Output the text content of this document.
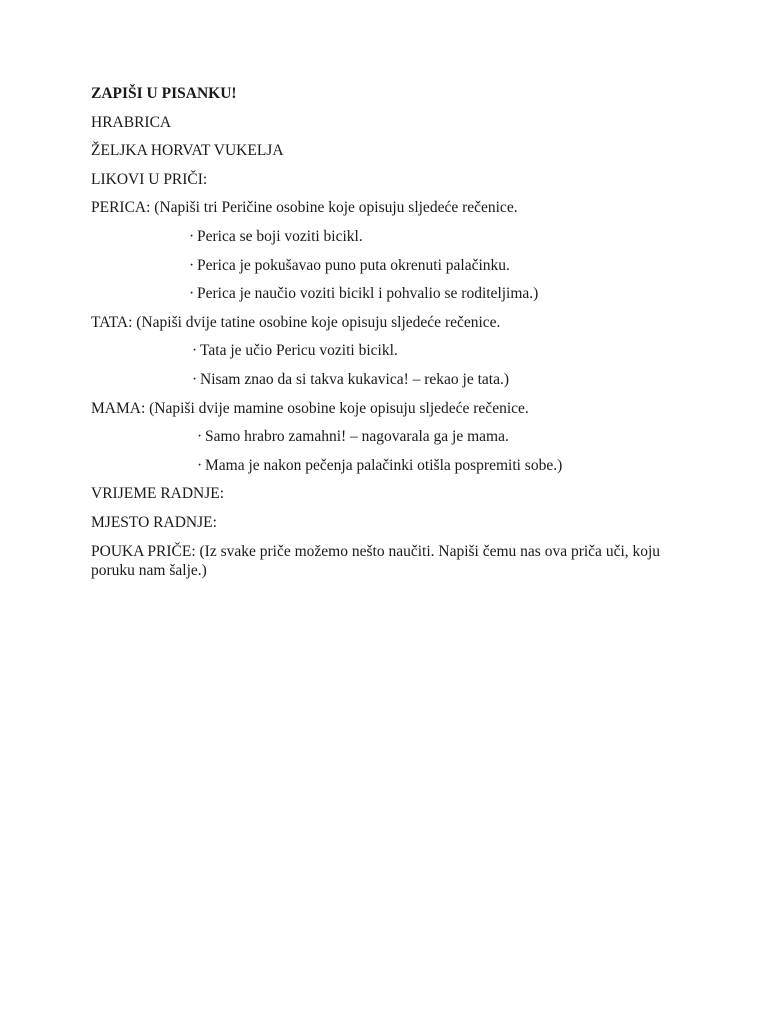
ZAPIŠI U PISANKU!
HRABRICA
ŽELJKA HORVAT VUKELJA
LIKOVI U PRIČI:
PERICA: (Napiši tri Peričine osobine koje opisuju sljedeće rečenice.
· Perica se boji voziti bicikl.
· Perica je pokušavao puno puta okrenuti palačinku.
· Perica je naučio voziti bicikl i pohvalio se roditeljima.)
TATA: (Napiši dvije tatine osobine koje opisuju sljedeće rečenice.
· Tata je učio Pericu voziti bicikl.
· Nisam znao da si takva kukavica! – rekao je tata.)
MAMA: (Napiši dvije mamine osobine koje opisuju sljedeće rečenice.
· Samo hrabro zamahni! – nagovarala ga je mama.
· Mama je nakon pečenja palačinki otišla pospremiti sobe.)
VRIJEME RADNJE:
MJESTO RADNJE:
POUKA PRIČE: (Iz svake priče možemo nešto naučiti. Napiši čemu nas ova priča uči, koju poruku nam šalje.)
